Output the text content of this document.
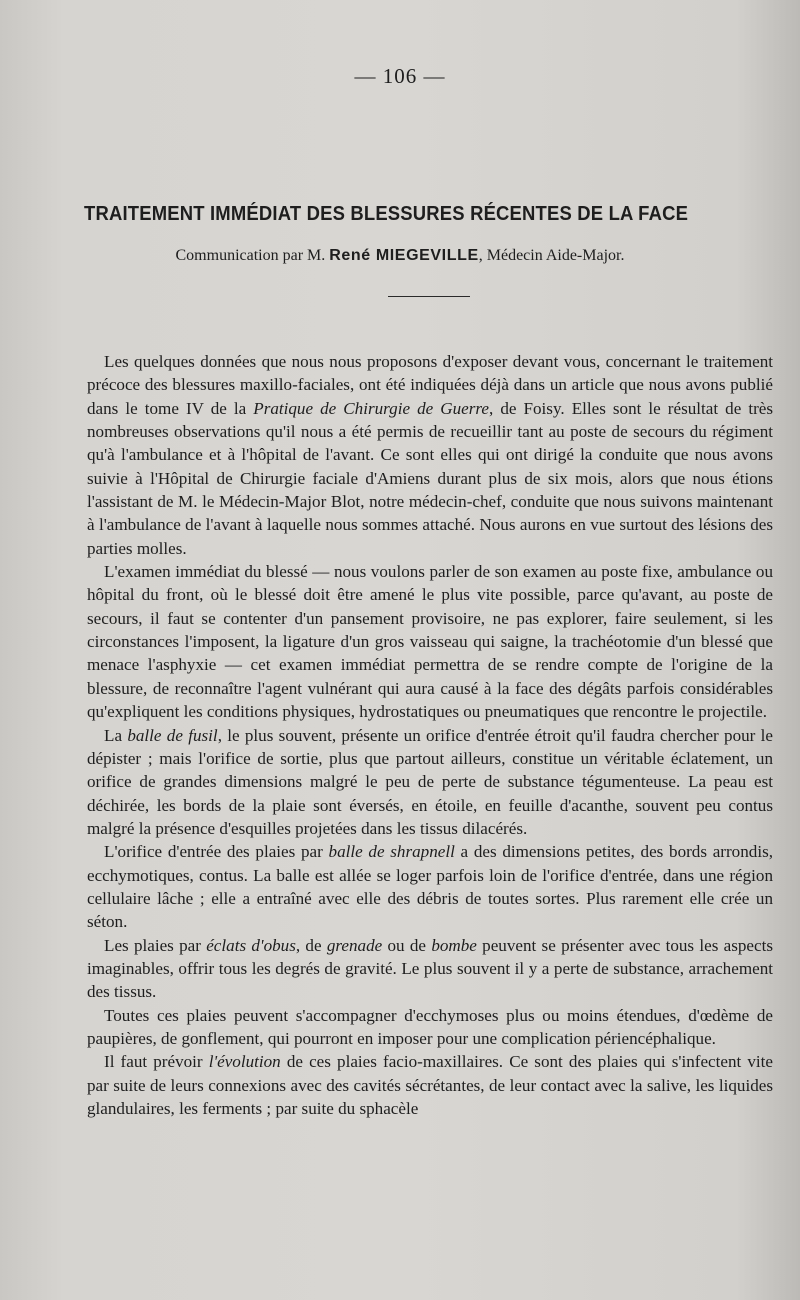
— 106 —
TRAITEMENT IMMÉDIAT DES BLESSURES RÉCENTES DE LA FACE
Communication par M. René MIEGEVILLE, Médecin Aide-Major.

Les quelques données que nous nous proposons d'exposer devant vous, concernant le traitement précoce des blessures maxillo-faciales, ont été indiquées déjà dans un article que nous avons publié dans le tome IV de la Pratique de Chirurgie de Guerre, de Foisy. Elles sont le résultat de très nombreuses observations qu'il nous a été permis de recueillir tant au poste de secours du régiment qu'à l'ambulance et à l'hôpital de l'avant. Ce sont elles qui ont dirigé la conduite que nous avons suivie à l'Hôpital de Chirurgie faciale d'Amiens durant plus de six mois, alors que nous étions l'assistant de M. le Médecin-Major Blot, notre médecin-chef, conduite que nous suivons maintenant à l'ambulance de l'avant à laquelle nous sommes attaché. Nous aurons en vue surtout des lésions des parties molles.

L'examen immédiat du blessé — nous voulons parler de son examen au poste fixe, ambulance ou hôpital du front, où le blessé doit être amené le plus vite possible, parce qu'avant, au poste de secours, il faut se contenter d'un pansement provisoire, ne pas explorer, faire seulement, si les circonstances l'imposent, la ligature d'un gros vaisseau qui saigne, la trachéotomie d'un blessé que menace l'asphyxie — cet examen immédiat permettra de se rendre compte de l'origine de la blessure, de reconnaître l'agent vulnérant qui aura causé à la face des dégâts parfois considérables qu'expliquent les conditions physiques, hydrostatiques ou pneumatiques que rencontre le projectile.

La balle de fusil, le plus souvent, présente un orifice d'entrée étroit qu'il faudra chercher pour le dépister ; mais l'orifice de sortie, plus que partout ailleurs, constitue un véritable éclatement, un orifice de grandes dimensions malgré le peu de perte de substance tégumenteuse. La peau est déchirée, les bords de la plaie sont éversés, en étoile, en feuille d'acanthe, souvent peu contus malgré la présence d'esquilles projetées dans les tissus dilacérés.

L'orifice d'entrée des plaies par balle de shrapnell a des dimensions petites, des bords arrondis, ecchymotiques, contus. La balle est allée se loger parfois loin de l'orifice d'entrée, dans une région cellulaire lâche ; elle a entraîné avec elle des débris de toutes sortes. Plus rarement elle crée un séton.

Les plaies par éclats d'obus, de grenade ou de bombe peuvent se présenter avec tous les aspects imaginables, offrir tous les degrés de gravité. Le plus souvent il y a perte de substance, arrachement des tissus.

Toutes ces plaies peuvent s'accompagner d'ecchymoses plus ou moins étendues, d'œdème de paupières, de gonflement, qui pourront en imposer pour une complication périencéphalique.

Il faut prévoir l'évolution de ces plaies facio-maxillaires. Ce sont des plaies qui s'infectent vite par suite de leurs connexions avec des cavités sécrétantes, de leur contact avec la salive, les liquides glandulaires, les ferments ; par suite du sphacèle
